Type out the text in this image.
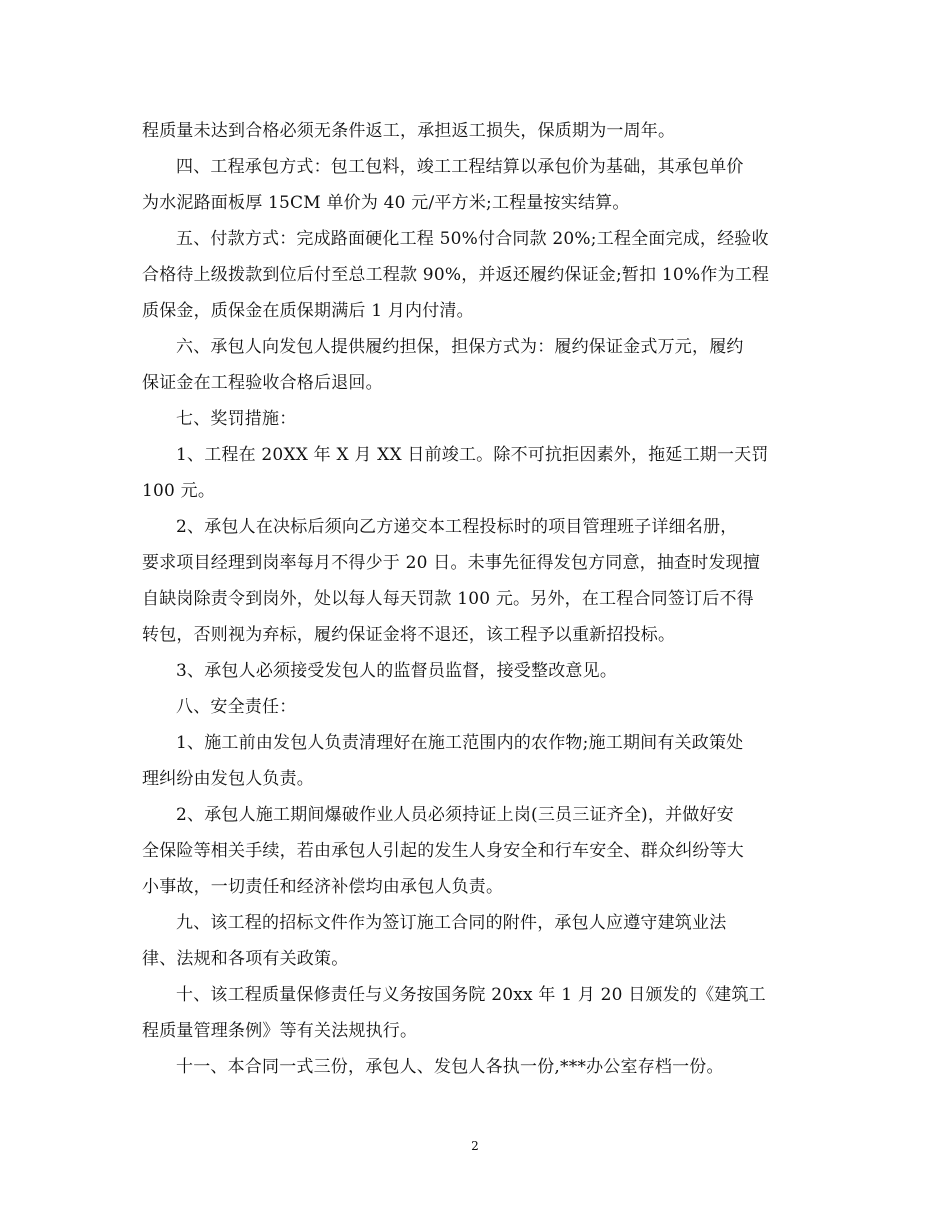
程质量未达到合格必须无条件返工，承担返工损失，保质期为一周年。
四、工程承包方式：包工包料，竣工工程结算以承包价为基础，其承包单价
为水泥路面板厚 15CM 单价为 40 元/平方米;工程量按实结算。
五、付款方式：完成路面硬化工程 50%付合同款 20%;工程全面完成，经验收
合格待上级拨款到位后付至总工程款 90%，并返还履约保证金;暂扣 10%作为工程
质保金，质保金在质保期满后 1 月内付清。
六、承包人向发包人提供履约担保，担保方式为：履约保证金式万元，履约
保证金在工程验收合格后退回。
七、奖罚措施：
1、工程在 20XX 年 X 月 XX 日前竣工。除不可抗拒因素外，拖延工期一天罚
100 元。
2、承包人在决标后须向乙方递交本工程投标时的项目管理班子详细名册，
要求项目经理到岗率每月不得少于 20 日。未事先征得发包方同意，抽查时发现擅
自缺岗除责令到岗外，处以每人每天罚款 100 元。另外，在工程合同签订后不得
转包，否则视为弃标，履约保证金将不退还，该工程予以重新招投标。
3、承包人必须接受发包人的监督员监督，接受整改意见。
八、安全责任：
1、施工前由发包人负责清理好在施工范围内的农作物;施工期间有关政策处
理纠纷由发包人负责。
2、承包人施工期间爆破作业人员必须持证上岗(三员三证齐全)，并做好安
全保险等相关手续，若由承包人引起的发生人身安全和行车安全、群众纠纷等大
小事故，一切责任和经济补偿均由承包人负责。
九、该工程的招标文件作为签订施工合同的附件，承包人应遵守建筑业法
律、法规和各项有关政策。
十、该工程质量保修责任与义务按国务院 20xx 年 1 月 20 日颁发的《建筑工
程质量管理条例》等有关法规执行。
十一、本合同一式三份，承包人、发包人各执一份,***办公室存档一份。
2
